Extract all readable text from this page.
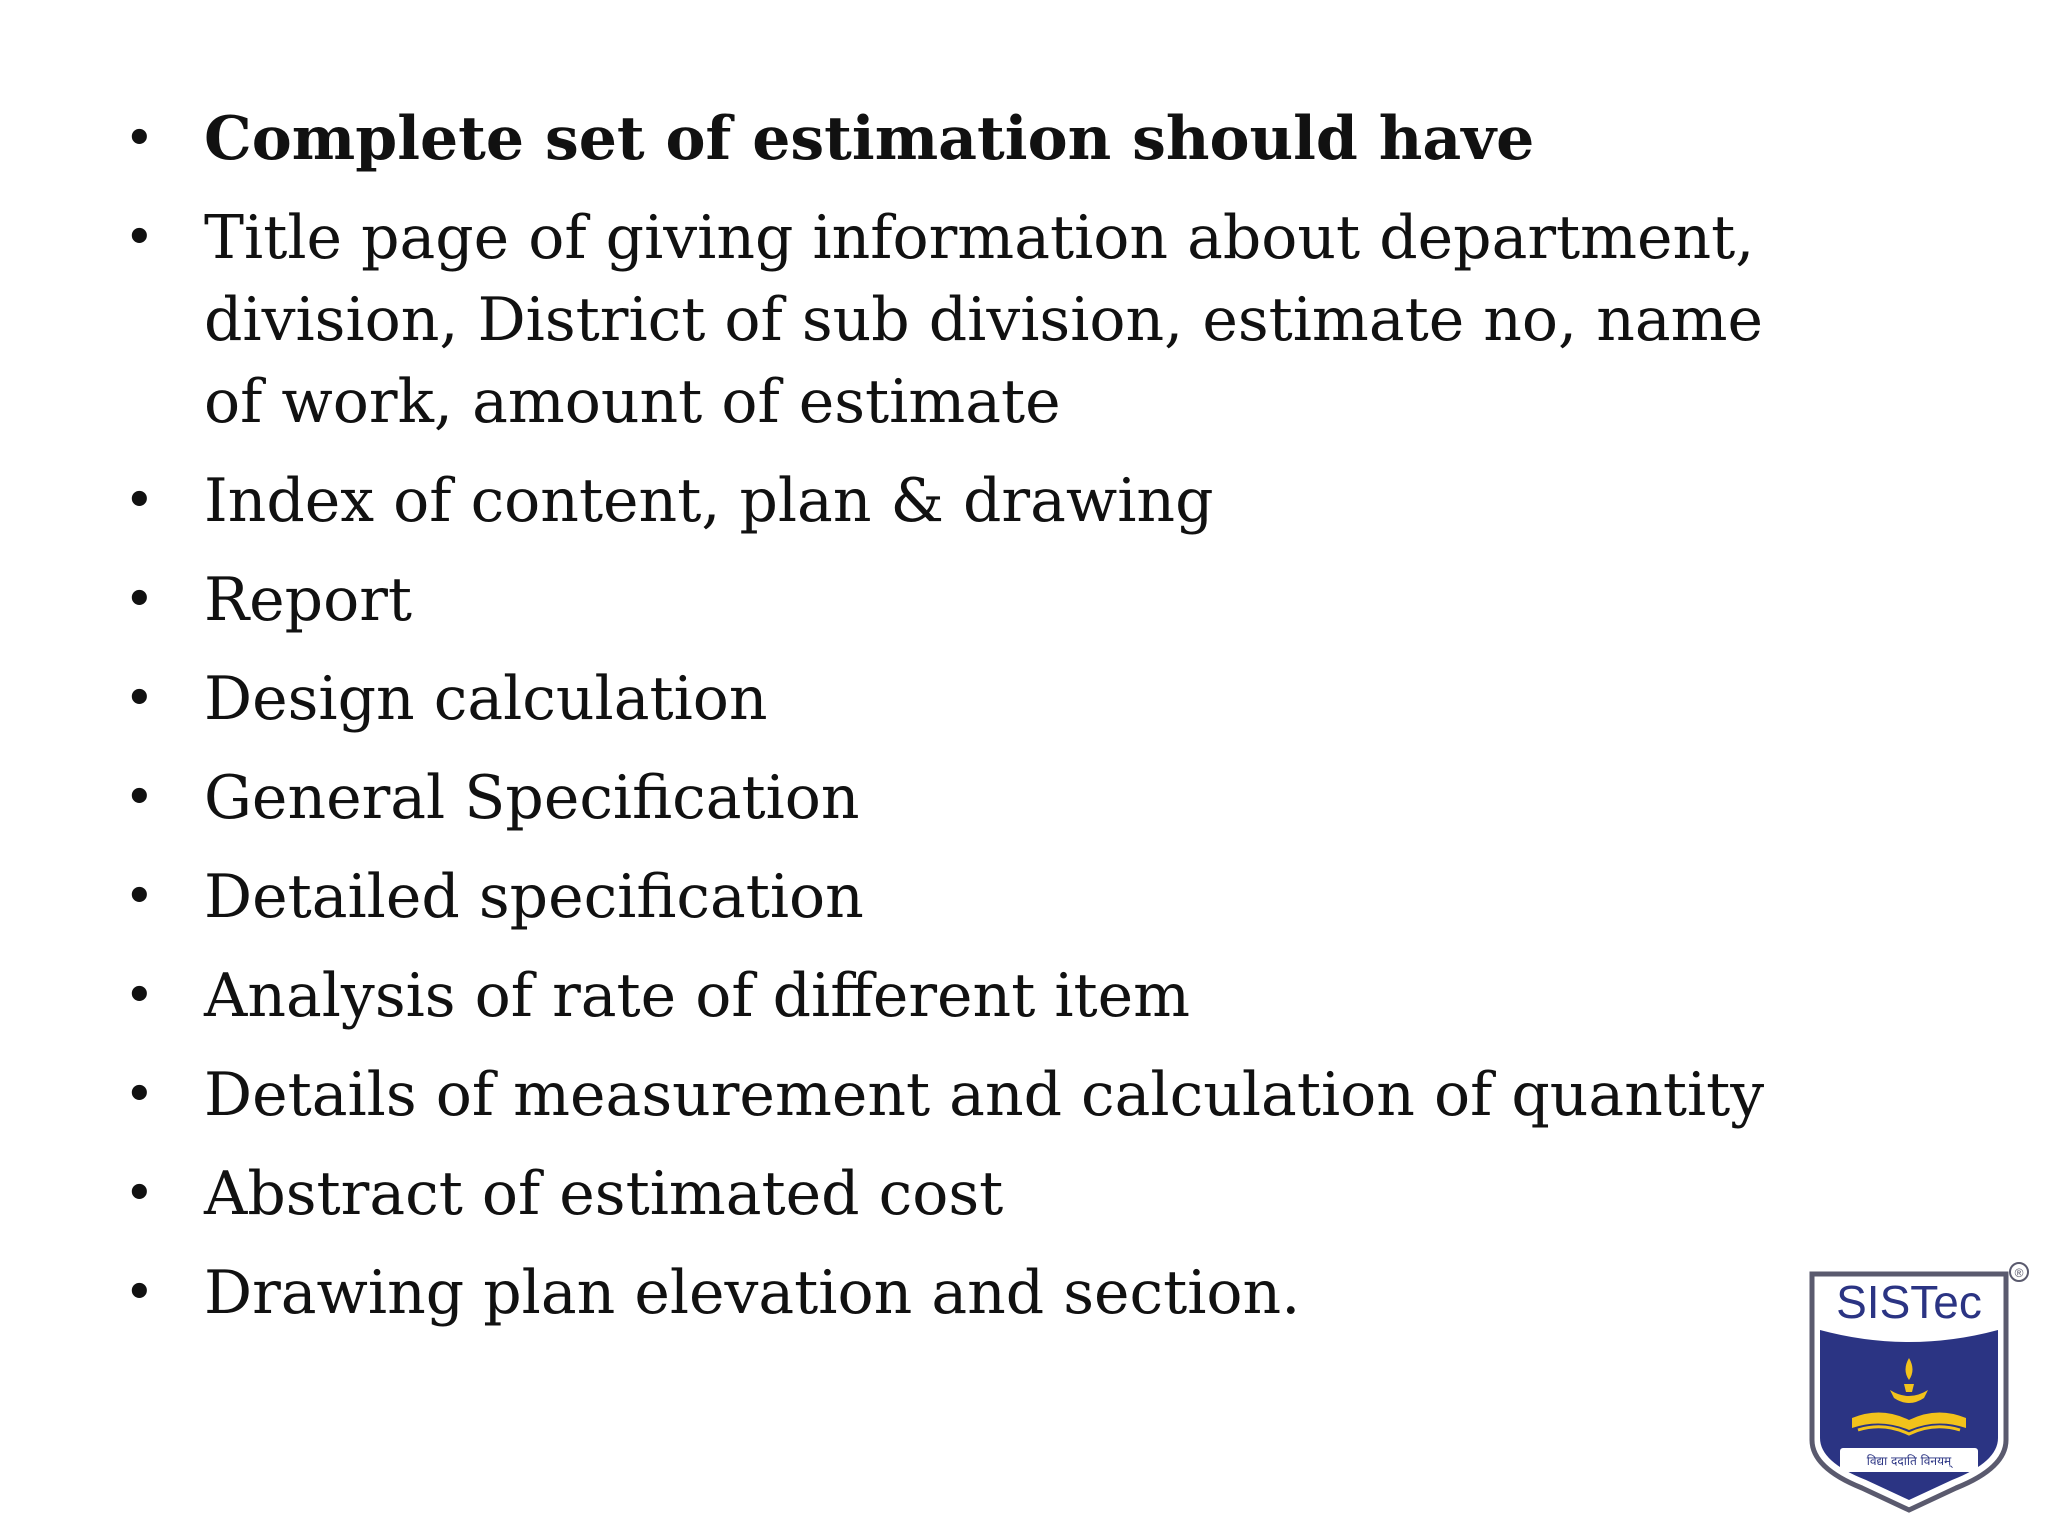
• Complete set of estimation should have
• Title page of giving information about department, division, District of sub division, estimate no, name of work, amount of estimate
• Index of content, plan & drawing
• Report
• Design calculation
• General Specification
• Detailed specification
• Analysis of rate of different item
• Details of measurement and calculation of quantity
• Abstract of estimated cost
• Drawing plan elevation and section.	SISTec
®
विद्या ददाति विनयम्
